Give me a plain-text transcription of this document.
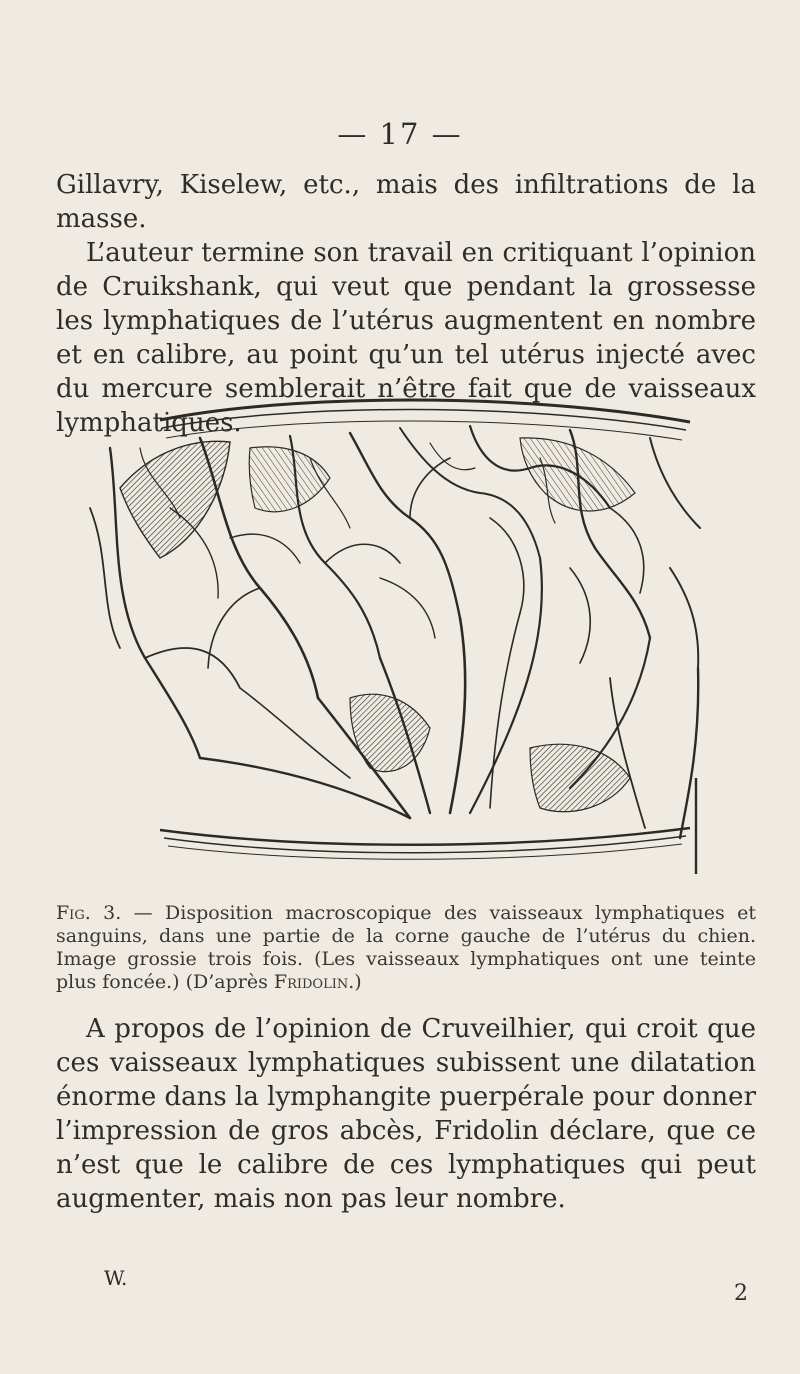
— 17 —

Gillavry, Kiselew, etc., mais des infiltrations de la masse.

L’auteur termine son travail en critiquant l’opinion de Cruikshank, qui veut que pendant la grossesse les lymphatiques de l’utérus augmentent en nombre et en calibre, au point qu’un tel utérus injecté avec du mercure semblerait n’être fait que de vaisseaux lymphatiques.

Fig. 3. — Disposition macroscopique des vaisseaux lymphatiques et sanguins, dans une partie de la corne gauche de l’utérus du chien. Image grossie trois fois. (Les vaisseaux lymphatiques ont une teinte plus foncée.) (D’après Fridolin.)
A propos de l’opinion de Cruveilhier, qui croit que ces vaisseaux lymphatiques subissent une dilatation énorme dans la lymphangite puerpérale pour donner l’impression de gros abcès, Fridolin déclare, que ce n’est que le calibre de ces lymphatiques qui peut augmenter, mais non pas leur nombre.
W.
2
